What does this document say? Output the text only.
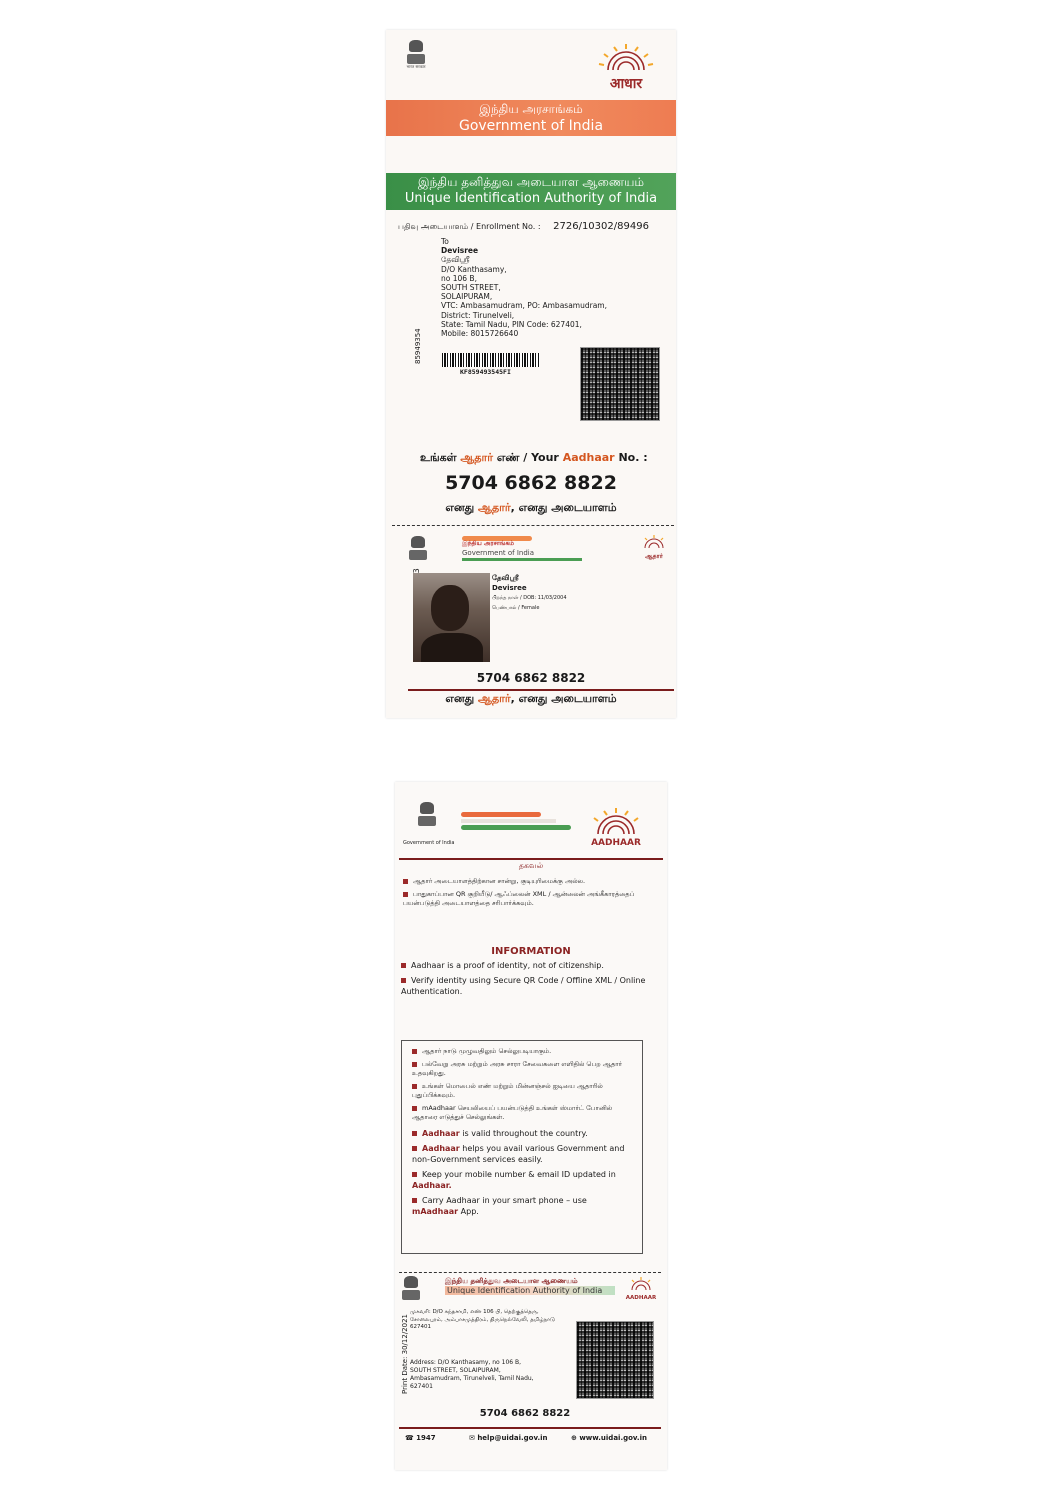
भारत सरकार
आधार
இந்திய அரசாங்கம்
Government of India
இந்திய தனித்துவ அடையாள ஆணையம்
Unique Identification Authority of India
பதிவு அடையாளம் / Enrollment No. : 2726/10302/89496
To
Devisree
தேவிஸ்ரீ
D/O Kanthasamy,
no 106 B,
SOUTH STREET,
SOLAIPURAM,
VTC: Ambasamudram, PO: Ambasamudram,
District: Tirunelveli,
State: Tamil Nadu, PIN Code: 627401,
Mobile: 8015726640
85949354
KF859493545FI
உங்கள் ஆதார் எண் / Your Aadhaar No. :
5704 6862 8822
எனது ஆதார், எனது அடையாளம்
இந்திய அரசாங்கம்
Government of India	ஆதார்
தேவிஸ்ரீ
Devisree
பிறந்த நாள் / DOB: 11/03/2004
பெண்பால் / Female
5704 6862 8822
எனது ஆதார், எனது அடையாளம்
Government of India	AADHAAR
தகவல்
ஆதார் அடையாளத்திற்கான சான்று, குடியுரிமைக்கு அல்ல.
பாதுகாப்பான QR குறியீடு/ ஆஃப்லைன் XML / ஆன்லைன் அங்கீகாரத்தைப் பயன்படுத்தி அடையாளத்தை சரிபார்க்கவும்.
INFORMATION
Aadhaar is a proof of identity, not of citizenship.
Verify identity using Secure QR Code / Offline XML / Online Authentication.
ஆதார் நாடு முழுவதிலும் செல்லுபடியாகும்.
பல்வேறு அரசு மற்றும் அரசு சாரா சேவைகளை எளிதில் பெற ஆதார் உதவுகிறது.
உங்கள் மொபைல் எண் மற்றும் மின்னஞ்சல் ஐடியை ஆதாரில் புதுப்பிக்கவும்.
mAadhaar செயலியைப் பயன்படுத்தி உங்கள் ஸ்மார்ட் போனில் ஆதாரை எடுத்துச் செல்லுங்கள்.
Aadhaar is valid throughout the country.
Aadhaar helps you avail various Government and non-Government services easily.
Keep your mobile number & email ID updated in Aadhaar.
Carry Aadhaar in your smart phone – use mAadhaar App.
இந்திய தனித்துவ அடையாள ஆணையம்
Unique Identification Authority of India
AADHAAR
முகவரி: D/O கந்தசாமி, எண் 106 பி, தெற்குத்தெரு, சோலைபுரம், அம்பாசமுத்திரம், திருநெல்வேலி, தமிழ்நாடு 627401
Print Date: 30/12/2021 Address: D/O Kanthasamy, no 106 B, SOUTH STREET, SOLAIPURAM, Ambasamudram, Tirunelveli, Tamil Nadu, 627401
5704 6862 8822
☎ 1947	✉ help@uidai.gov.in	⊕ www.uidai.gov.in
